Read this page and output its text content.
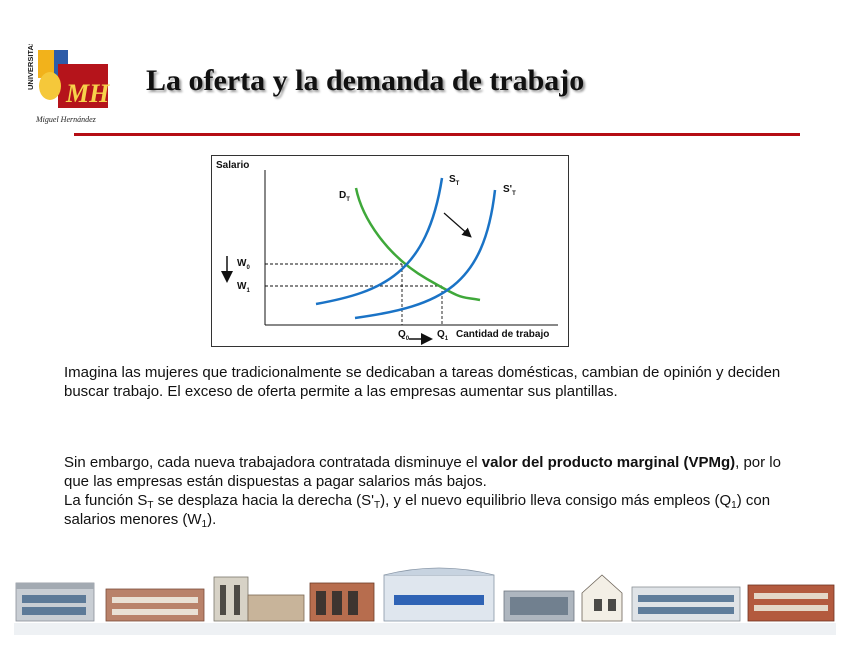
UNIVERSITAS
MH
Miguel Hernández
La oferta y la demanda de trabajo
Salario
Cantidad de trabajo
$D_T$
$S_T$	$S'_T$
$W_0$
$W_1$
$Q_0$	$Q_1$

Imagina las mujeres que tradicionalmente se dedicaban a tareas domésticas, cambian de opinión y deciden buscar trabajo. El exceso de oferta permite a las empresas aumentar sus plantillas.

Sin embargo, cada nueva trabajadora contratada disminuye el valor del producto marginal (VPMg), por lo que las empresas están dispuestas a pagar salarios más bajos.

La función $S_T$ se desplaza hacia la derecha $(S'_T)$, y el nuevo equilibrio lleva consigo más empleos $(Q_1)$ con salarios menores $(W_1)$.
